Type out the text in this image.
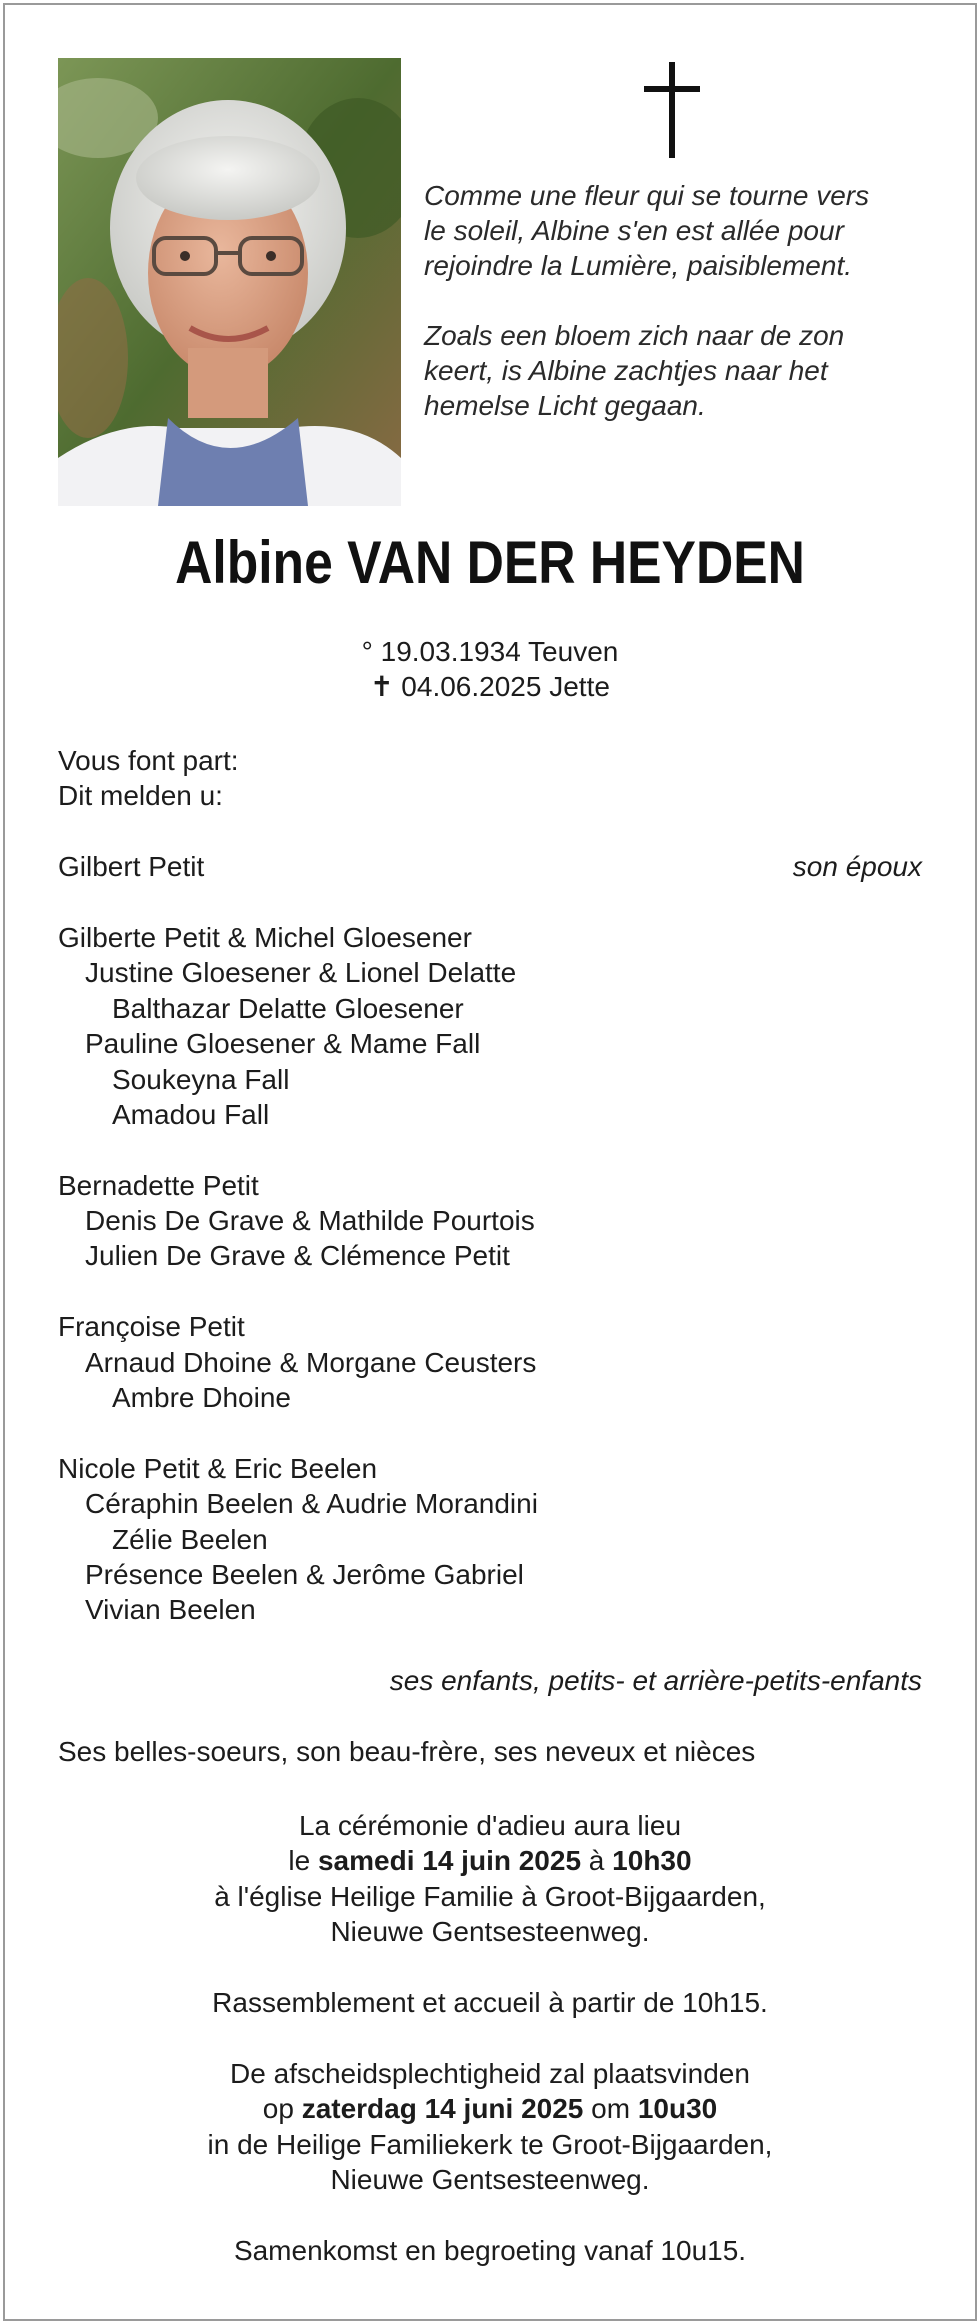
Comme une fleur qui se tourne vers
le soleil, Albine s'en est allée pour
rejoindre la Lumière, paisiblement.
Zoals een bloem zich naar de zon
keert, is Albine zachtjes naar het
hemelse Licht gegaan.
Albine VAN DER HEYDEN
° 19.03.1934 Teuven
✝ 04.06.2025 Jette
Vous font part:
Dit melden u:
Gilbert Petit	son époux
Gilberte Petit & Michel Gloesener
Justine Gloesener & Lionel Delatte
Balthazar Delatte Gloesener
Pauline Gloesener & Mame Fall
Soukeyna Fall
Amadou Fall
Bernadette Petit
Denis De Grave & Mathilde Pourtois
Julien De Grave & Clémence Petit
Françoise Petit
Arnaud Dhoine & Morgane Ceusters
Ambre Dhoine
Nicole Petit & Eric Beelen
Céraphin Beelen & Audrie Morandini
Zélie Beelen
Présence Beelen & Jerôme Gabriel
Vivian Beelen
ses enfants, petits- et arrière-petits-enfants
Ses belles-soeurs, son beau-frère, ses neveux et nièces
La cérémonie d'adieu aura lieu
le samedi 14 juin 2025 à 10h30
à l'église Heilige Familie à Groot-Bijgaarden,
Nieuwe Gentsesteenweg.
Rassemblement et accueil à partir de 10h15.
De afscheidsplechtigheid zal plaatsvinden
op zaterdag 14 juni 2025 om 10u30
in de Heilige Familiekerk te Groot-Bijgaarden,
Nieuwe Gentsesteenweg.
Samenkomst en begroeting vanaf 10u15.
